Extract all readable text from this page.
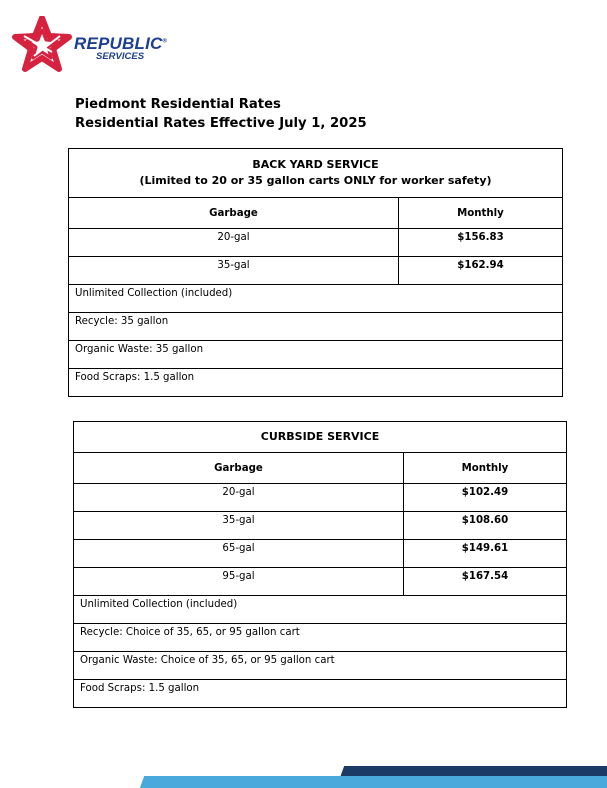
REPUBLIC®
SERVICES
Piedmont Residential Rates
Residential Rates Effective July 1, 2025
BACK YARD SERVICE
(Limited to 20 or 35 gallon carts ONLY for worker safety)	

Garbage	Monthly

20-gal	$156.83

35-gal	$162.94

Unlimited Collection (included)	

Recycle: 35 gallon	

Organic Waste: 35 gallon	

Food Scraps: 1.5 gallon	
CURBSIDE SERVICE	

Garbage	Monthly

20-gal	$102.49

35-gal	$108.60

65-gal	$149.61

95-gal	$167.54

Unlimited Collection (included)	

Recycle: Choice of 35, 65, or 95 gallon cart	

Organic Waste: Choice of 35, 65, or 95 gallon cart	

Food Scraps: 1.5 gallon	
